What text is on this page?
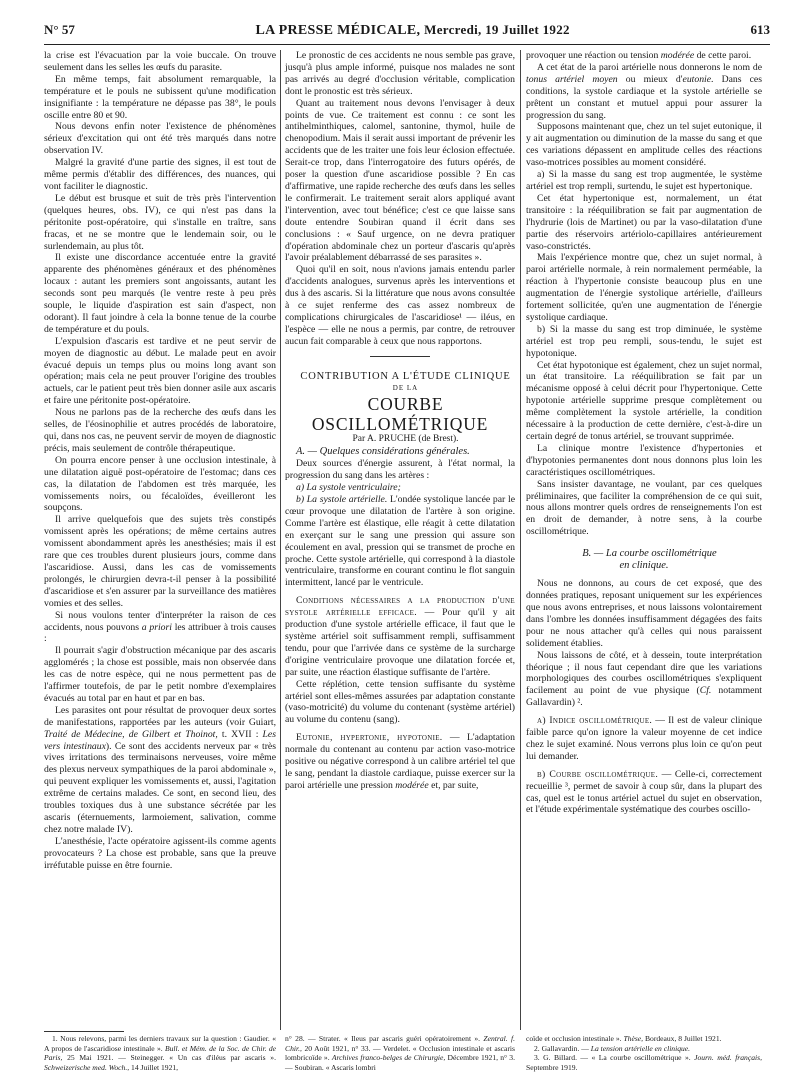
N° 57	LA PRESSE MÉDICALE, Mercredi, 19 Juillet 1922	613

la crise est l'évacuation par la voie buccale. On trouve seulement dans les selles les œufs du parasite.

En même temps, fait absolument remarquable, la température et le pouls ne subissent qu'une modification insignifiante : la température ne dépasse pas 38°, le pouls oscille entre 80 et 90.

Nous devons enfin noter l'existence de phénomènes sérieux d'excitation qui ont été très marqués dans notre observation IV.

Malgré la gravité d'une partie des signes, il est tout de même permis d'établir des différences, des nuances, qui vont faciliter le diagnostic.

Le début est brusque et suit de très près l'intervention (quelques heures, obs. IV), ce qui n'est pas dans la péritonite post-opératoire, qui s'installe en traîtrе, sans fracas, et ne se montre que le lendemain soir, ou le surlendemain, au plus tôt.

Il existe une discordance accentuée entre la gravité apparente des phénomènes généraux et des phénomènes locaux : autant les premiers sont angoissants, autant les seconds sont peu marqués (le ventre reste à peu près souple, le liquide d'aspiration est sain d'aspect, non odorant). Il faut joindre à cela la bonne tenue de la courbe de température et du pouls.

L'expulsion d'ascaris est tardive et ne peut servir de moyen de diagnostic au début. Le malade peut en avoir évacué depuis un temps plus ou moins long avant son opération; mais cela ne peut prouver l'origine des troubles actuels, car le patient peut très bien donner asile aux ascaris et faire une péritonite post-opératoire.

Nous ne parlons pas de la recherche des œufs dans les selles, de l'éosinophilie et autres procédés de laboratoire, qui, dans nos cas, ne peuvent servir de moyen de diagnostic précis, mais seulement de contrôle thérapeutique.

On pourra encore penser à une occlusion intestinale, à une dilatation aiguë post-opératoire de l'estomac; dans ces cas, la dilatation de l'abdomen est très marquée, les vomissements noirs, ou fécaloïdes, éveilleront les soupçons.

Il arrive quelquefois que des sujets très constipés vomissent après les opérations; de même certains autres vomissent abondamment après les anesthésies; mais il est rare que ces troubles durent plusieurs jours, comme dans l'ascaridiose. Aussi, dans les cas de vomissements prolongés, le chirurgien devra-t-il penser à la possibilité d'ascaridiose et s'en assurer par la surveillance des matières vomies et des selles.

Si nous voulons tenter d'interpréter la raison de ces accidents, nous pouvons a priori les attribuer à trois causes :

Il pourrait s'agir d'obstruction mécanique par des ascaris agglomérés ; la chose est possible, mais non observée dans les cas de notre espèce, qui ne nous permettent pas de l'affirmer toutefois, de par le petit nombre d'exemplaires évacués au total par en haut et par en bas.

Les parasites ont pour résultat de provoquer deux sortes de manifestations, rapportées par les auteurs (voir Guiart, Traité de Médecine, de Gilbert et Thoinot, t. XVII : Les vers intestinaux). Ce sont des accidents nerveux par « très vives irritations des terminaisons nerveuses, voire même des plexus nerveux sympathiques de la paroi abdominale », qui peuvent expliquer les vomissements et, aussi, l'agitation extrême de certains malades. Ce sont, en second lieu, des troubles toxiques dus à une substance sécrétée par les ascaris (éternuements, larmoiement, salivation, comme chez notre malade IV).

L'anesthésie, l'acte opératoire agissent-ils comme agents provocateurs ? La chose est probable, sans que la preuve irréfutable puisse en être fournie.

Le pronostic de ces accidents ne nous semble pas grave, jusqu'à plus ample informé, puisque nos malades ne sont pas arrivés au degré d'occlusion véritable, complication dont le pronostic est très sérieux.

Quant au traitement nous devons l'envisager à deux points de vue. Ce traitement est connu : ce sont les antihelminthiques, calomel, santonine, thymol, huile de chenopodium. Mais il serait aussi important de prévenir les accidents que de les traiter une fois leur éclosion effectuée. Serait-ce trop, dans l'interrogatoire des futurs opérés, de poser la question d'une ascaridiose possible ? En cas d'affirmative, une rapide recherche des œufs dans les selles le confirmerait. Le traitement serait alors appliqué avant l'intervention, avec tout bénéfice; c'est ce que laisse sans doute entendre Soubiran quand il écrit dans ses conclusions : « Sauf urgence, on ne devra pratiquer d'opération abdominale chez un porteur d'ascaris qu'après l'avoir préalablement débarrassé de ses parasites ».

Quoi qu'il en soit, nous n'avions jamais entendu parler d'accidents analogues, survenus après les interventions et dus à des ascaris. Si la littérature que nous avons consultée à ce sujet renferme des cas assez nombreux de complications chirurgicales de l'ascaridiose¹ — iléus, en l'espèce — elle ne nous a permis, par contre, de retrouver aucun fait comparable à ceux que nous rapportons.

CONTRIBUTION A L'ÉTUDE CLINIQUE

DE LA

COURBE OSCILLOMÉTRIQUE

Par A. PRUCHE (de Brest).

A. — Quelques considérations générales.

Deux sources d'énergie assurent, à l'état normal, la progression du sang dans les artères :

a) La systole ventriculaire;

b) La systole artérielle. L'ondée systolique lancée par le cœur provoque une dilatation de l'artère à son origine. Comme l'artère est élastique, elle réagit à cette dilatation en exerçant sur le sang une pression qui assure son écoulement en aval, pression qui se transmet de proche en proche. Cette systole artérielle, qui correspond à la diastole ventriculaire, transforme en courant continu le flot sanguin intermittent, lancé par le ventricule.

Conditions nécessaires a la production d'une systole artérielle efficace. — Pour qu'il y ait production d'une systole artérielle efficace, il faut que le système artériel soit suffisamment rempli, suffisamment tendu, pour que l'arrivée dans ce système de la surcharge d'origine ventriculaire provoque une dilatation forcée et, par suite, une réaction élastique suffisante de l'artère.

Cette réplétion, cette tension suffisante du système artériel sont elles-mêmes assurées par adaptation constante (vaso-motricité) du volume du contenant (système artériel) au volume du contenu (sang).

Eutonie, hypertonie, hypotonie. — L'adaptation normale du contenant au contenu par action vaso-motrice positive ou négative correspond à un calibre artériel tel que le sang, pendant la diastole cardiaque, puisse exercer sur la paroi artérielle une pression modérée et, par suite,

provoquer une réaction ou tension modérée de cette paroi.

A cet état de la paroi artérielle nous donnerons le nom de tonus artériel moyen ou mieux d'eutonie. Dans ces conditions, la systole cardiaque et la systole artérielle se prêtent un constant et mutuel appui pour assurer la progression du sang.

Supposons maintenant que, chez un tel sujet eutonique, il y ait augmentation ou diminution de la masse du sang et que ces variations dépassent en amplitude celles des réactions vaso-motrices possibles au moment considéré.

a) Si la masse du sang est trop augmentée, le système artériel est trop rempli, surtendu, le sujet est hypertonique.

Cet état hypertonique est, normalement, un état transitoire : la rééquilibration se fait par augmentation de l'hydrurie (lois de Martinet) ou par la vaso-dilatation d'une partie des réservoirs artériolo-capillaires antérieurement vaso-constrictés.

Mais l'expérience montre que, chez un sujet normal, à paroi artérielle normale, à rein normalement perméable, la réaction à l'hypertonie consiste beaucoup plus en une augmentation de l'énergie systolique artérielle, d'ailleurs fortement sollicitée, qu'en une augmentation de l'énergie systolique cardiaque.

b) Si la masse du sang est trop diminuée, le système artériel est trop peu rempli, sous-tendu, le sujet est hypotonique.

Cet état hypotonique est également, chez un sujet normal, un état transitoire. La rééquilibration se fait par un mécanisme opposé à celui décrit pour l'hypertonique. Cette hypotonie artérielle supprime presque complètement ou même complètement la systole artérielle, la condition nécessaire à la production de cette dernière, c'est-à-dire un certain degré de tonus artériel, se trouvant supprimée.

La clinique montre l'existence d'hypertonies et d'hypotonies permanentes dont nous donnons plus loin les caractéristiques oscillométriques.

Sans insister davantage, ne voulant, par ces quelques préliminaires, que faciliter la compréhension de ce qui suit, nous allons montrer quels ordres de renseignements l'on est en droit de demander, à notre sens, à la courbe oscillométrique.

B. — La courbe oscillométrique
en clinique.

Nous ne donnons, au cours de cet exposé, que des données pratiques, reposant uniquement sur les expériences que nous avons entreprises, et nous laissons volontairement dans l'ombre les données insuffisamment dégagées des faits pour ne nous attacher qu'à celles qui nous paraissent solidement établies.

Nous laissons de côté, et à dessein, toute interprétation théorique ; il nous faut cependant dire que les variations morphologiques des courbes oscillométriques s'expliquent facilement au point de vue physique (Cf. notamment Gallavardin) ².

a) Indice oscillométrique. — Il est de valeur clinique faible parce qu'on ignore la valeur moyenne de cet indice chez le sujet examiné. Nous verrons plus loin ce qu'on peut lui demander.

b) Courbe oscillométrique. — Celle-ci, correctement recueillie ³, permet de savoir à coup sûr, dans la plupart des cas, quel est le tonus artériel actuel du sujet en observation, et l'étude expérimentale systématique des courbes oscillo-

1. Nous relevons, parmi les derniers travaux sur la question : Gaudier. « A propos de l'ascaridiose intestinale ». Bull. et Mém. de la Soc. de Chir. de Paris, 25 Mai 1921. — Steinegger. « Un cas d'iléus par ascaris ». Schweizerische med. Woch., 14 Juillet 1921,

n° 28. — Strater. « Ileus par ascaris guéri opératoirement ». Zentral. f. Chir., 20 Août 1921, n° 33. — Verdelet. « Occlusion intestinale et ascaris lombricoïde ». Archives franco-belges de Chirurgie, Décembre 1921, n° 3. — Soubiran. « Ascaris lombri

coïde et occlusion intestinale ». Thèse, Bordeaux, 8 Juillet 1921.

2. Gallavardin. — La tension artérielle en clinique.

3. G. Billard. — « La courbe oscillométrique ». Journ. méd. français, Septembre 1919.
